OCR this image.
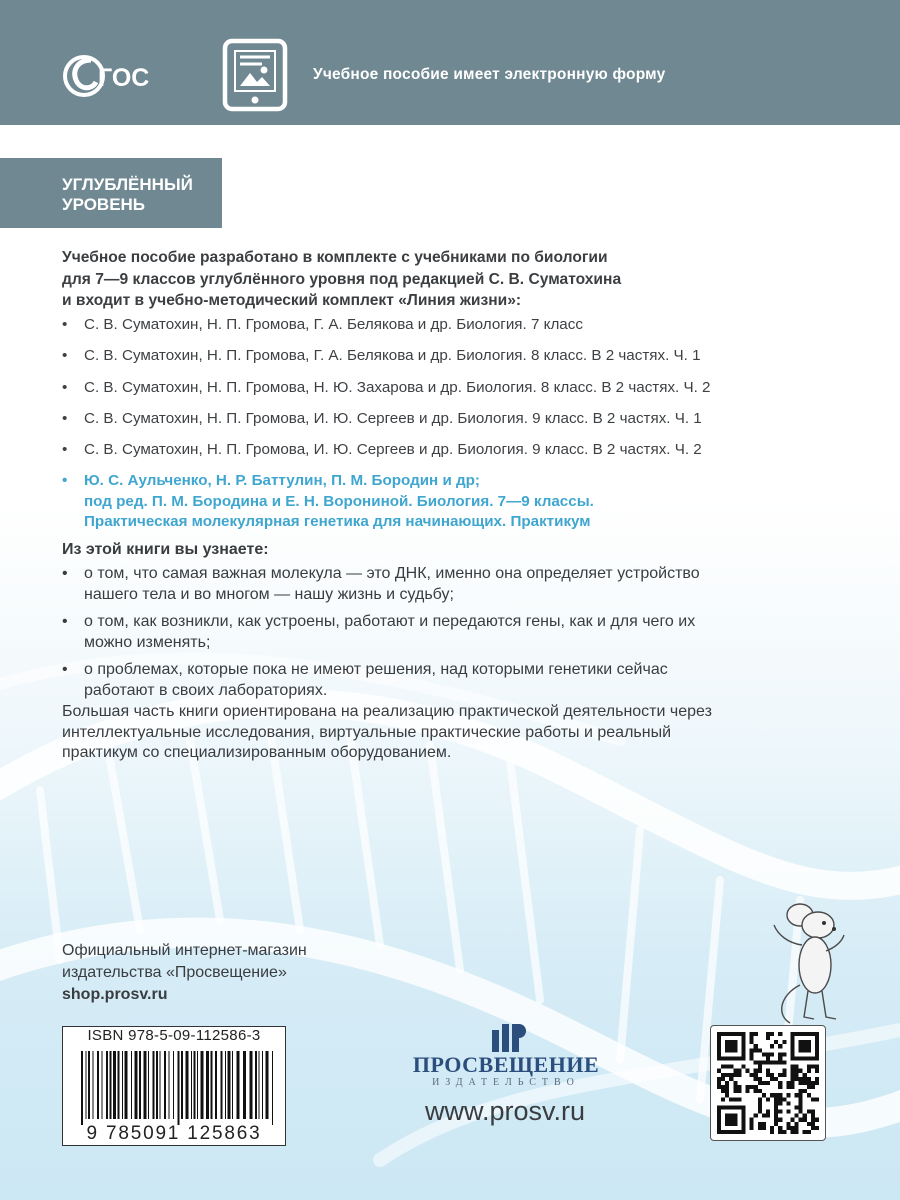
ГОС	Учебное пособие имеет электронную форму
УГЛУБЛЁННЫЙ
УРОВЕНЬ
Учебное пособие разработано в комплекте с учебниками по биологии
для 7—9 классов углублённого уровня под редакцией С. В. Суматохина
и входит в учебно-методический комплект «Линия жизни»:
• С. В. Суматохин, Н. П. Громова, Г. А. Белякова и др. Биология. 7 класс
• С. В. Суматохин, Н. П. Громова, Г. А. Белякова и др. Биология. 8 класс. В 2 частях. Ч. 1
• С. В. Суматохин, Н. П. Громова, Н. Ю. Захарова и др. Биология. 8 класс. В 2 частях. Ч. 2
• С. В. Суматохин, Н. П. Громова, И. Ю. Сергеев и др. Биология. 9 класс. В 2 частях. Ч. 1
• С. В. Суматохин, Н. П. Громова, И. Ю. Сергеев и др. Биология. 9 класс. В 2 частях. Ч. 2
• Ю. С. Аульченко, Н. Р. Баттулин, П. М. Бородин и др;
под ред. П. М. Бородина и Е. Н. Ворониной. Биология. 7—9 классы.
Практическая молекулярная генетика для начинающих. Практикум
Из этой книги вы узнаете:
• о том, что самая важная молекула — это ДНК, именно она определяет устройство
нашего тела и во многом — нашу жизнь и судьбу;
• о том, как возникли, как устроены, работают и передаются гены, как и для чего их
можно изменять;
• о проблемах, которые пока не имеют решения, над которыми генетики сейчас
работают в своих лабораториях.
Большая часть книги ориентирована на реализацию практической деятельности через
интеллектуальные исследования, виртуальные практические работы и реальный
практикум со специализированным оборудованием.
Официальный интернет-магазин
издательства «Просвещение»
shop.prosv.ru
ISBN 978-5-09-112586-3
9 785091 125863
ПРОСВЕЩЕНИЕ
ИЗДАТЕЛЬСТВО
www.prosv.ru
